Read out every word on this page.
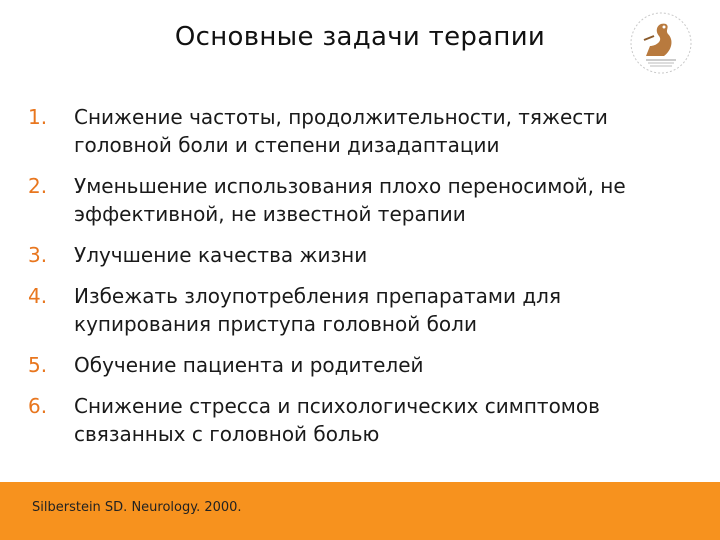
Основные задачи терапии
1.	Снижение частоты, продолжительности, тяжести головной боли и степени дизадаптации
2.	Уменьшение использования плохо переносимой, не эффективной, не известной терапии
3.	Улучшение качества жизни
4.	Избежать злоупотребления препаратами для купирования приступа головной боли
5.	Обучение пациента и родителей
6.	Снижение стресса и психологических симптомов связанных с головной болью
Silberstein SD. Neurology. 2000.
